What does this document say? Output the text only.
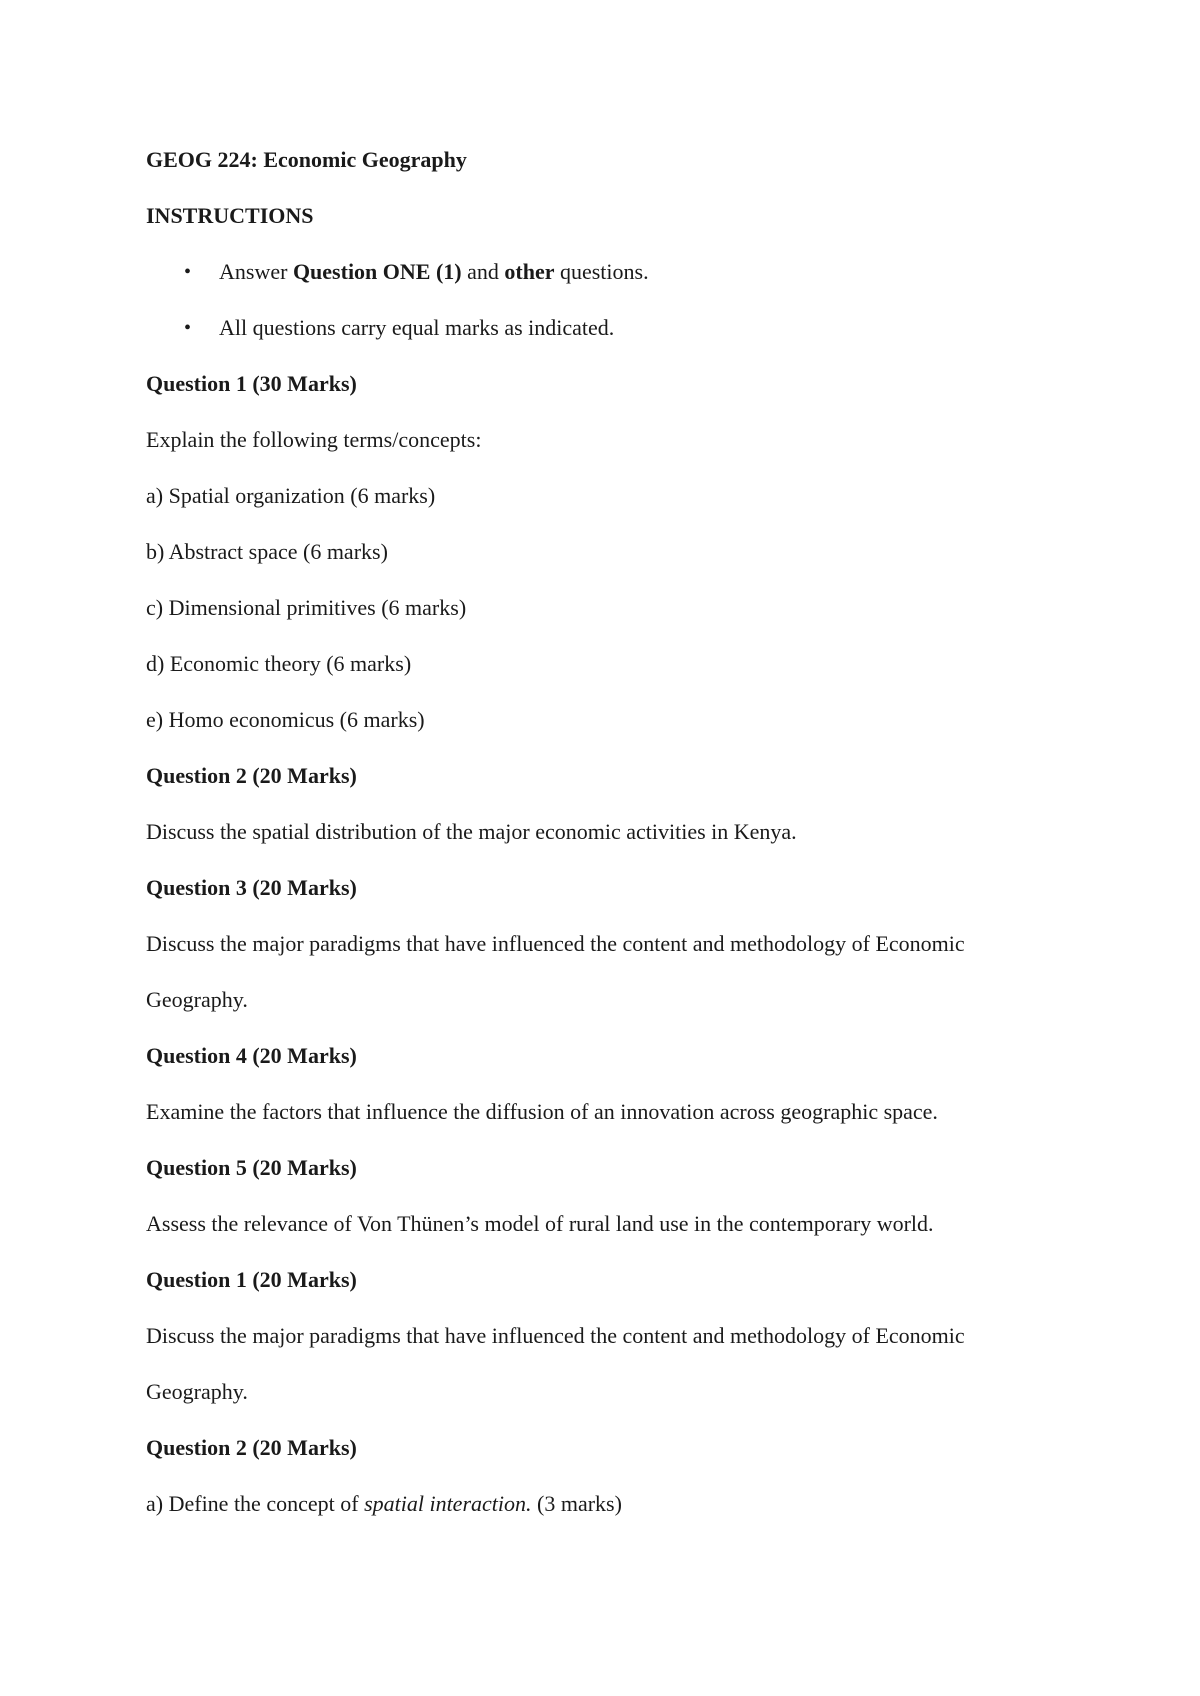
GEOG 224: Economic Geography
INSTRUCTIONS
• Answer Question ONE (1) and other questions.
• All questions carry equal marks as indicated.
Question 1 (30 Marks)
Explain the following terms/concepts:
a) Spatial organization (6 marks)
b) Abstract space (6 marks)
c) Dimensional primitives (6 marks)
d) Economic theory (6 marks)
e) Homo economicus (6 marks)
Question 2 (20 Marks)
Discuss the spatial distribution of the major economic activities in Kenya.
Question 3 (20 Marks)
Discuss the major paradigms that have influenced the content and methodology of Economic
Geography.
Question 4 (20 Marks)
Examine the factors that influence the diffusion of an innovation across geographic space.
Question 5 (20 Marks)
Assess the relevance of Von Thünen’s model of rural land use in the contemporary world.
Question 1 (20 Marks)
Discuss the major paradigms that have influenced the content and methodology of Economic
Geography.
Question 2 (20 Marks)
a) Define the concept of spatial interaction. (3 marks)
